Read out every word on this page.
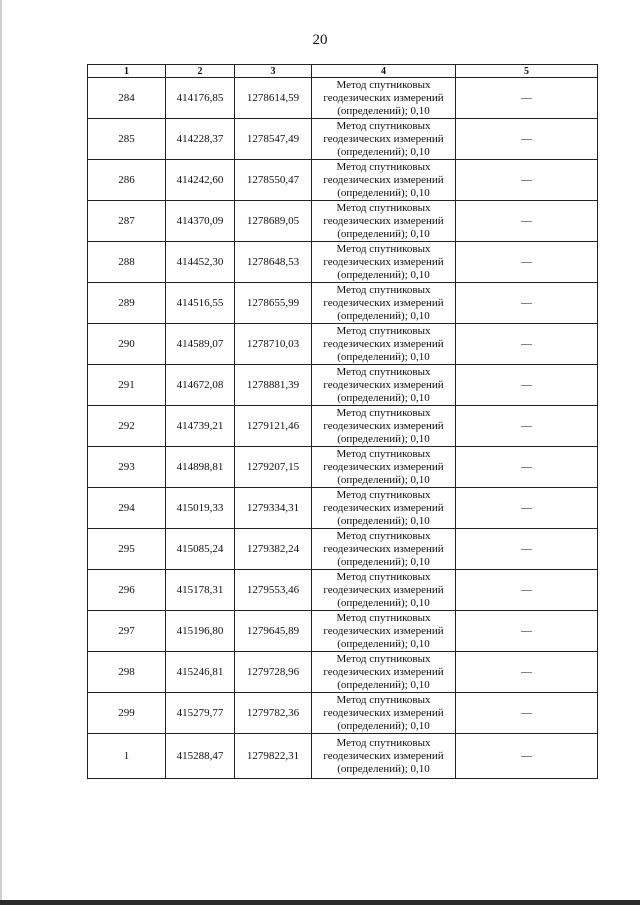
20
1	2	3	4	5
284	414176,85	1278614,59	Метод спутниковых геодезических измерений (определений); 0,10	—
285	414228,37	1278547,49	Метод спутниковых геодезических измерений (определений); 0,10	—
286	414242,60	1278550,47	Метод спутниковых геодезических измерений (определений); 0,10	—
287	414370,09	1278689,05	Метод спутниковых геодезических измерений (определений); 0,10	—
288	414452,30	1278648,53	Метод спутниковых геодезических измерений (определений); 0,10	—
289	414516,55	1278655,99	Метод спутниковых геодезических измерений (определений); 0,10	—
290	414589,07	1278710,03	Метод спутниковых геодезических измерений (определений); 0,10	—
291	414672,08	1278881,39	Метод спутниковых геодезических измерений (определений); 0,10	—
292	414739,21	1279121,46	Метод спутниковых геодезических измерений (определений); 0,10	—
293	414898,81	1279207,15	Метод спутниковых геодезических измерений (определений); 0,10	—
294	415019,33	1279334,31	Метод спутниковых геодезических измерений (определений); 0,10	—
295	415085,24	1279382,24	Метод спутниковых геодезических измерений (определений); 0,10	—
296	415178,31	1279553,46	Метод спутниковых геодезических измерений (определений); 0,10	—
297	415196,80	1279645,89	Метод спутниковых геодезических измерений (определений); 0,10	—
298	415246,81	1279728,96	Метод спутниковых геодезических измерений (определений); 0,10	—
299	415279,77	1279782,36	Метод спутниковых геодезических измерений (определений); 0,10	—
1	415288,47	1279822,31	Метод спутниковых геодезических измерений (определений); 0,10	—
